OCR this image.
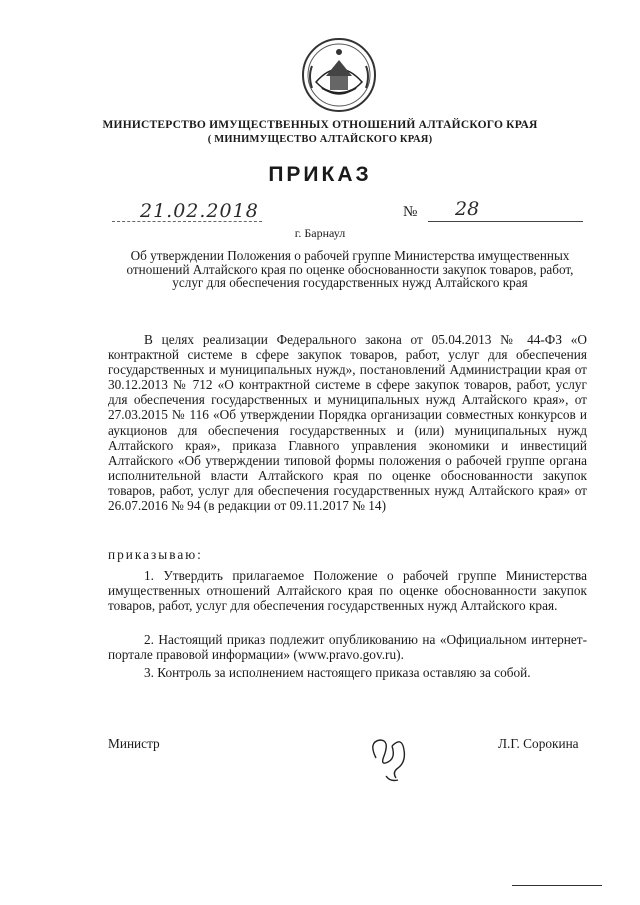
МИНИСТЕРСТВО ИМУЩЕСТВЕННЫХ ОТНОШЕНИЙ АЛТАЙСКОГО КРАЯ
( МИНИМУЩЕСТВО АЛТАЙСКОГО КРАЯ)
ПРИКАЗ
21.02.2018	№ 28
г. Барнаул
Об утверждении Положения о рабочей группе Министерства имущественных отношений Алтайского края по оценке обоснованности закупок товаров, работ, услуг для обеспечения государственных нужд Алтайского края
В целях реализации Федерального закона от 05.04.2013 № 44-ФЗ «О контрактной системе в сфере закупок товаров, работ, услуг для обеспечения государственных и муниципальных нужд», постановлений Администрации края от 30.12.2013 № 712 «О контрактной системе в сфере закупок товаров, работ, услуг для обеспечения государственных и муниципальных нужд Алтайского края», от 27.03.2015 № 116 «Об утверждении Порядка организации совместных конкурсов и аукционов для обеспечения государственных и (или) муниципальных нужд Алтайского края», приказа Главного управления экономики и инвестиций Алтайского «Об утверждении типовой формы положения о рабочей группе органа исполнительной власти Алтайского края по оценке обоснованности закупок товаров, работ, услуг для обеспечения государственных нужд Алтайского края» от 26.07.2016 № 94 (в редакции от 09.11.2017 № 14)
приказываю:
1. Утвердить прилагаемое Положение о рабочей группе Министерства имущественных отношений Алтайского края по оценке обоснованности закупок товаров, работ, услуг для обеспечения государственных нужд Алтайского края.
2. Настоящий приказ подлежит опубликованию на «Официальном интернет-портале правовой информации» (www.pravo.gov.ru).
3. Контроль за исполнением настоящего приказа оставляю за собой.
Министр	Л.Г. Сорокина
